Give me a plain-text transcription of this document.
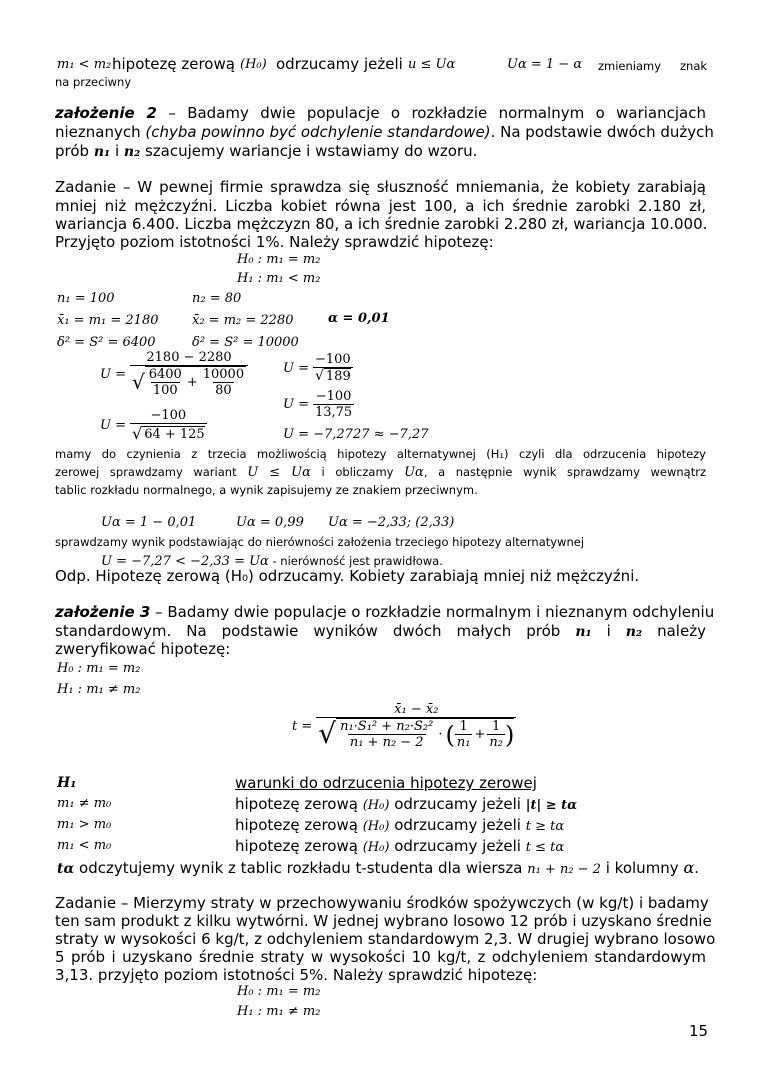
m₁ < m₂ hipotezę zerową (H₀) odrzucamy jeżeli u ≤ Uα	Uα = 1 − α zmieniamy znak
na przeciwny
założenie 2 – Badamy dwie populacje o rozkładzie normalnym o wariancjach
nieznanych (chyba powinno być odchylenie standardowe). Na podstawie dwóch dużych
prób n₁ i n₂ szacujemy wariancje i wstawiamy do wzoru.
Zadanie – W pewnej firmie sprawdza się słuszność mniemania, że kobiety zarabiają
mniej niż mężczyźni. Liczba kobiet równa jest 100, a ich średnie zarobki 2.180 zł,
wariancja 6.400. Liczba mężczyzn 80, a ich średnie zarobki 2.280 zł, wariancja 10.000.
Przyjęto poziom istotności 1%. Należy sprawdzić hipotezę:
H₀ : m₁ = m₂
H₁ : m₁ < m₂
n₁ = 100	n₂ = 80
x̄₁ = m₁ = 2180	x̄₂ = m₂ = 2280	α = 0,01
δ² = S² = 6400	δ² = S² = 10000
$U = \frac{2180 - 2280}{√ \frac{6400}{100} + \frac{10000}{80}}$
$U = \frac{-100}{√ 64 + 125}$
$U = \frac{-100}{√ 189}$
$U = \frac{-100}{13,75}$
U = −7,2727 ≈ −7,27
mamy do czynienia z trzecia możliwością hipotezy alternatywnej (H₁) czyli dla odrzucenia hipotezy
zerowej sprawdzamy wariant U ≤ Uα i obliczamy Uα, a następnie wynik sprawdzamy wewnątrz
tablic rozkładu normalnego, a wynik zapisujemy ze znakiem przeciwnym.
Uα = 1 − 0,01	Uα = 0,99 Uα = −2,33; (2,33)
sprawdzamy wynik podstawiając do nierówności założenia trzeciego hipotezy alternatywnej
U = −7,27 < −2,33 = Uα - nierówność jest prawidłowa.
Odp. Hipotezę zerową (H₀) odrzucamy. Kobiety zarabiają mniej niż mężczyźni.
założenie 3 – Badamy dwie populacje o rozkładzie normalnym i nieznanym odchyleniu
standardowym. Na podstawie wyników dwóch małych prób n₁ i n₂ należy
zweryfikować hipotezę:
H₀ : m₁ = m₂
H₁ : m₁ ≠ m₂
t =
x̄₁ − x̄₂
√ $\frac{\text{n₁·S₁² + n₂·S₂²}}{\text{n₁ + n₂ − 2}}$ · ( $\frac{1}{\text{n₁}} + \frac{1}{\text{n₂}}$ )
H₁	warunki do odrzucenia hipotezy zerowej
m₁ ≠ m₀	hipotezę zerową (H₀) odrzucamy jeżeli |t| ≥ tα
m₁ > m₀	hipotezę zerową (H₀) odrzucamy jeżeli t ≥ tα
m₁ < m₀	hipotezę zerową (H₀) odrzucamy jeżeli t ≤ tα
tα odczytujemy wynik z tablic rozkładu t-studenta dla wiersza n₁ + n₂ − 2 i kolumny α.
Zadanie – Mierzymy straty w przechowywaniu środków spożywczych (w kg/t) i badamy
ten sam produkt z kilku wytwórni. W jednej wybrano losowo 12 prób i uzyskano średnie
straty w wysokości 6 kg/t, z odchyleniem standardowym 2,3. W drugiej wybrano losowo
5 prób i uzyskano średnie straty w wysokości 10 kg/t, z odchyleniem standardowym
3,13. przyjęto poziom istotności 5%. Należy sprawdzić hipotezę:
H₀ : m₁ = m₂
H₁ : m₁ ≠ m₂
15
